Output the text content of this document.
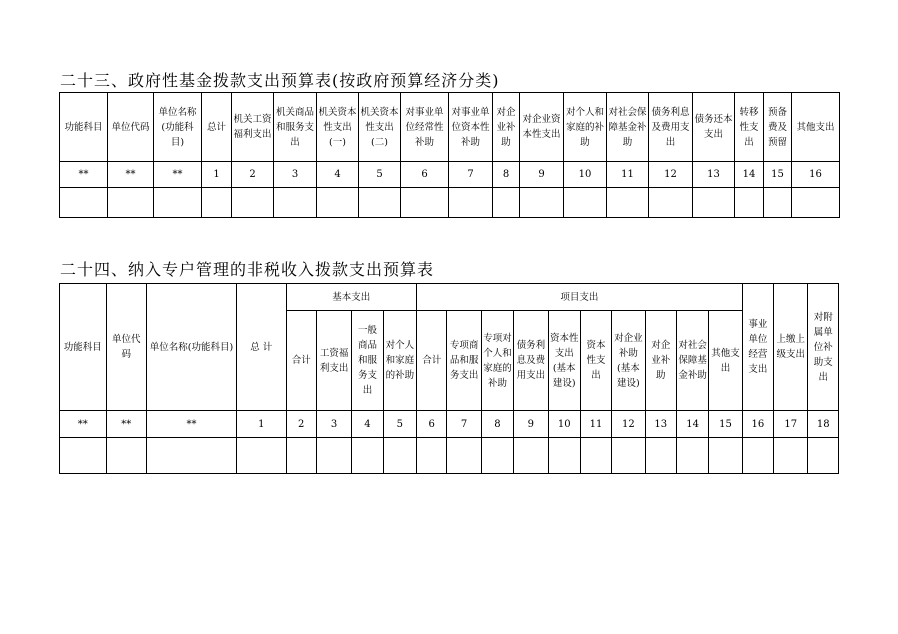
二十三、政府性基金拨款支出预算表(按政府预算经济分类)
功能科目	单位代码	单位名称(功能科目)	总计	机关工资福利支出	机关商品和服务支出	机关资本性支出(一)	机关资本性支出(二)	对事业单位经常性补助	对事业单位资本性补助	对企业补助	对企业资本性支出	对个人和家庭的补助	对社会保障基金补助	债务利息及费用支出	债务还本支出	转移性支出	预备费及预留	其他支出
**	**	**	1	2	3	4	5	6	7	8	9	10	11	12	13	14	15	16

二十四、纳入专户管理的非税收入拨款支出预算表
功能科目	单位代码	单位名称(功能科目)	总 计	基本支出				项目支出										事业单位经营支出	上缴上级支出	对附属单位补助支出
				合计	工资福利支出	一般商品和服务支出	对个人和家庭的补助	合计	专项商品和服务支出	专项对个人和家庭的补助	债务利息及费用支出	资本性支出(基本建设)	资本性支出	对企业补助(基本建设)	对企业补助	对社会保障基金补助	其他支出			
**	**	**	1	2	3	4	5	6	7	8	9	10	11	12	13	14	15	16	17	18
